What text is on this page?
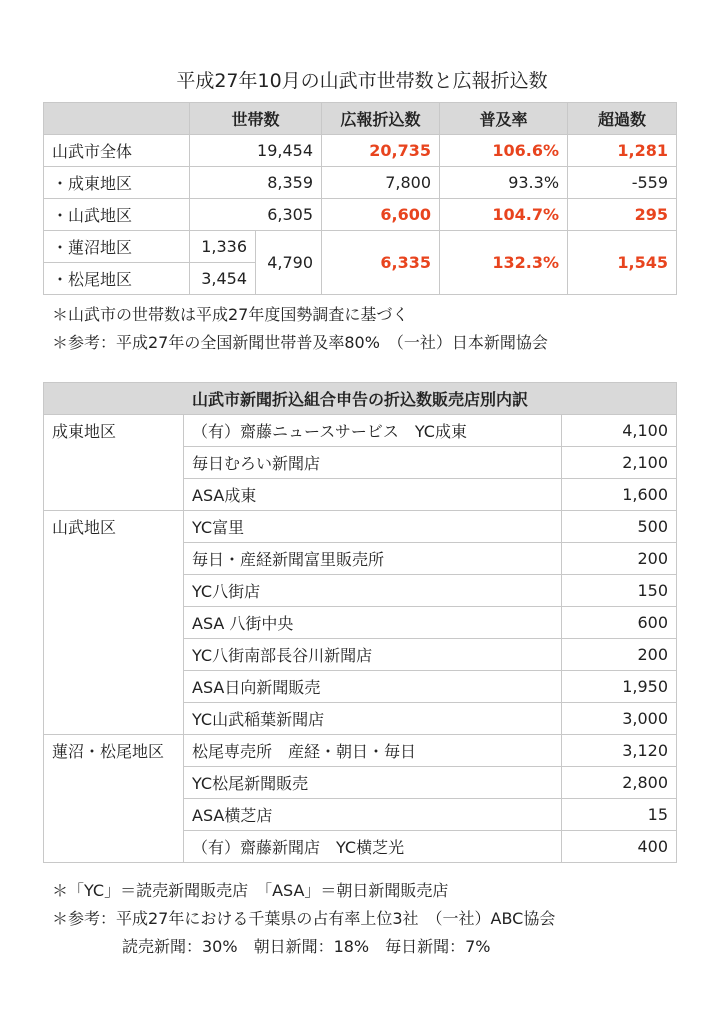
平成27年10月の山武市世帯数と広報折込数
	世帯数		広報折込数	普及率	超過数
山武市全体	19,454		20,735	106.6%	1,281
・成東地区	8,359		7,800	93.3%	-559
・山武地区	6,305		6,600	104.7%	295
・蓮沼地区	1,336	4,790	6,335	132.3%	1,545
・松尾地区	3,454				
＊山武市の世帯数は平成27年度国勢調査に基づく
＊参考：平成27年の全国新聞世帯普及率80%　（一社）日本新聞協会
山武市新聞折込組合申告の折込数販売店別内訳		
成東地区	（有）齋藤ニュースサービス　YC成東	4,100
	毎日むろい新聞店	2,100
	ASA成東	1,600
山武地区	YC富里	500
	毎日・産経新聞富里販売所	200
	YC八街店	150
	ASA 八街中央	600
	YC八街南部長谷川新聞店	200
	ASA日向新聞販売	1,950
	YC山武稲葉新聞店	3,000
蓮沼・松尾地区	松尾専売所　産経・朝日・毎日	3,120
	YC松尾新聞販売	2,800
	ASA横芝店	15
	（有）齋藤新聞店　YC横芝光	400
＊「YC」＝読売新聞販売店　「ASA」＝朝日新聞販売店
＊参考：平成27年における千葉県の占有率上位3社　（一社）ABC協会
読売新聞：30%　朝日新聞：18%　毎日新聞：7%
